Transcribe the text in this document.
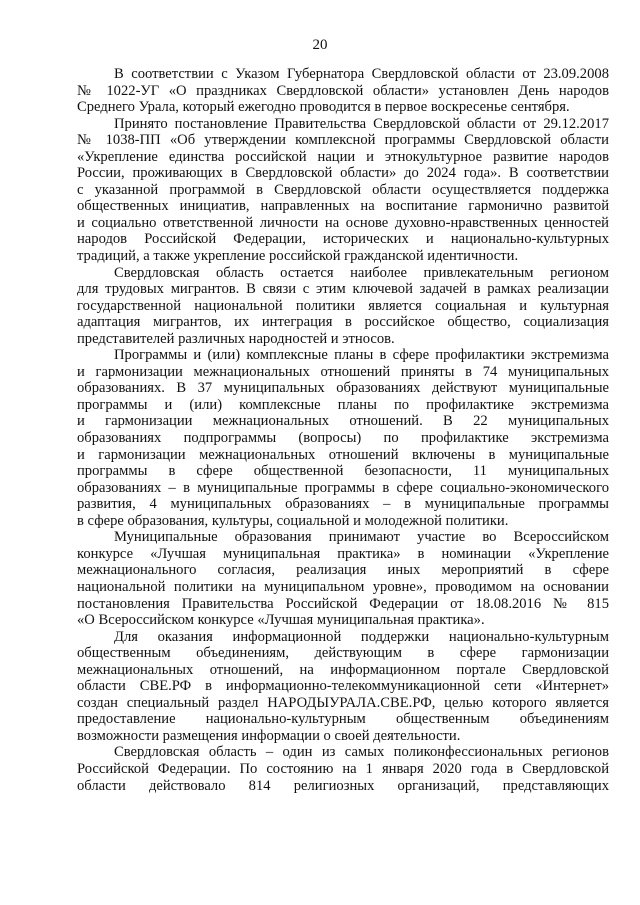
20
В соответствии с Указом Губернатора Свердловской области от 23.09.2008
№ 1022-УГ «О праздниках Свердловской области» установлен День народов
Среднего Урала, который ежегодно проводится в первое воскресенье сентября.
Принято постановление Правительства Свердловской области от 29.12.2017
№ 1038-ПП «Об утверждении комплексной программы Свердловской области
«Укрепление единства российской нации и этнокультурное развитие народов
России, проживающих в Свердловской области» до 2024 года». В соответствии
с указанной программой в Свердловской области осуществляется поддержка
общественных инициатив, направленных на воспитание гармонично развитой
и социально ответственной личности на основе духовно-нравственных ценностей
народов Российской Федерации, исторических и национально-культурных
традиций, а также укрепление российской гражданской идентичности.
Свердловская область остается наиболее привлекательным регионом
для трудовых мигрантов. В связи с этим ключевой задачей в рамках реализации
государственной национальной политики является социальная и культурная
адаптация мигрантов, их интеграция в российское общество, социализация
представителей различных народностей и этносов.
Программы и (или) комплексные планы в сфере профилактики экстремизма
и гармонизации межнациональных отношений приняты в 74 муниципальных
образованиях. В 37 муниципальных образованиях действуют муниципальные
программы и (или) комплексные планы по профилактике экстремизма
и гармонизации межнациональных отношений. В 22 муниципальных
образованиях подпрограммы (вопросы) по профилактике экстремизма
и гармонизации межнациональных отношений включены в муниципальные
программы в сфере общественной безопасности, 11 муниципальных
образованиях – в муниципальные программы в сфере социально-экономического
развития, 4 муниципальных образованиях – в муниципальные программы
в сфере образования, культуры, социальной и молодежной политики.
Муниципальные образования принимают участие во Всероссийском
конкурсе «Лучшая муниципальная практика» в номинации «Укрепление
межнационального согласия, реализация иных мероприятий в сфере
национальной политики на муниципальном уровне», проводимом на основании
постановления Правительства Российской Федерации от 18.08.2016 № 815
«О Всероссийском конкурсе «Лучшая муниципальная практика».
Для оказания информационной поддержки национально-культурным
общественным объединениям, действующим в сфере гармонизации
межнациональных отношений, на информационном портале Свердловской
области СВЕ.РФ в информационно-телекоммуникационной сети «Интернет»
создан специальный раздел НАРОДЫУРАЛА.СВЕ.РФ, целью которого является
предоставление национально-культурным общественным объединениям
возможности размещения информации о своей деятельности.
Свердловская область – один из самых поликонфессиональных регионов
Российской Федерации. По состоянию на 1 января 2020 года в Свердловской
области действовало 814 религиозных организаций, представляющих
